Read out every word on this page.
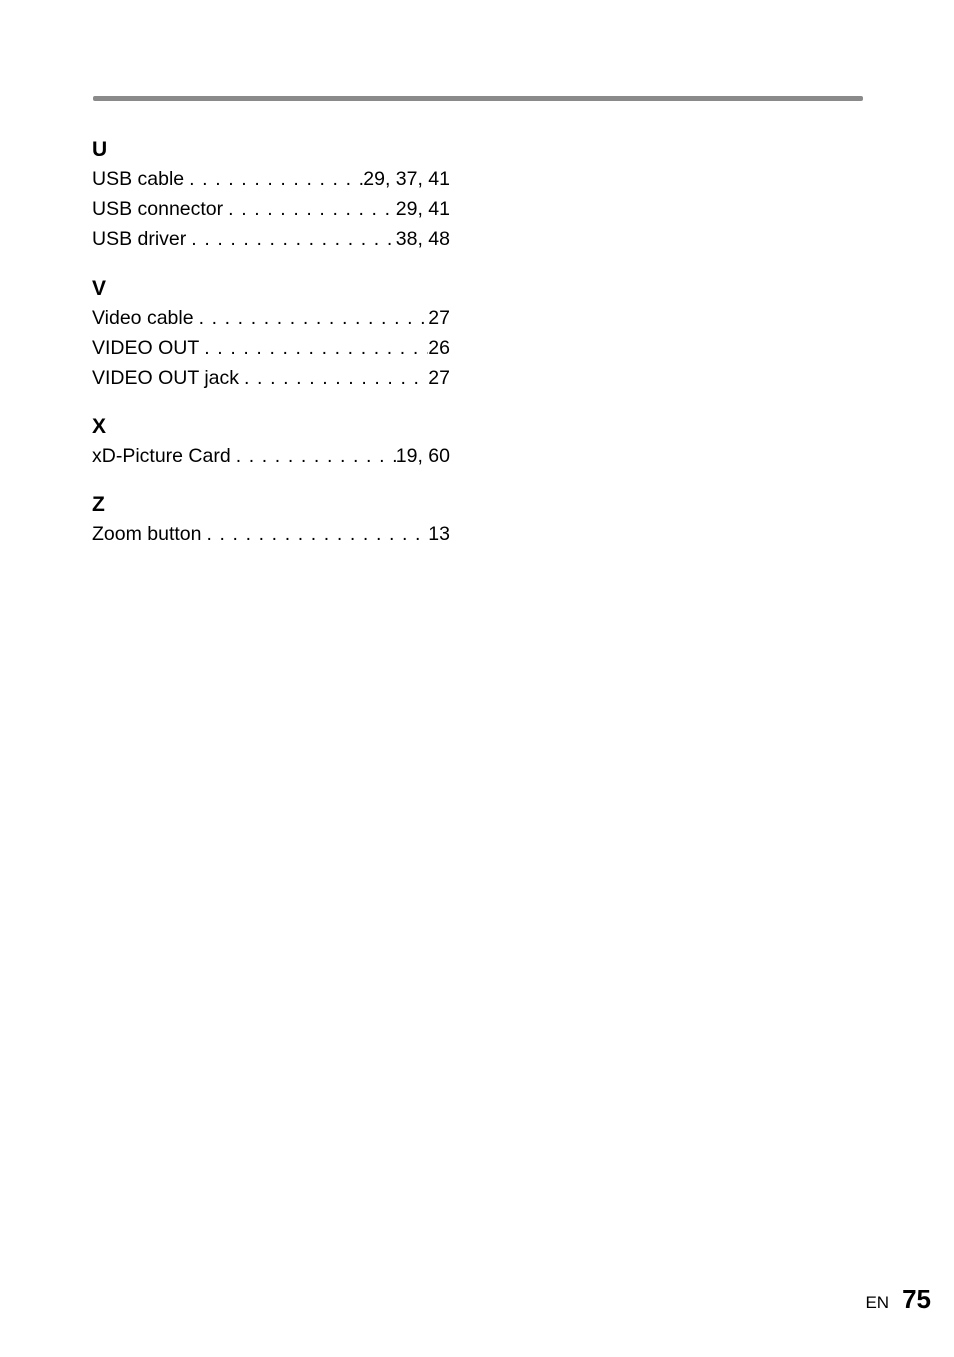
U
USB cable . . .	29, 37, 41
USB connector . . .	29, 41
USB driver . . .	38, 48
V
Video cable . . .	27
VIDEO OUT . . .	26
VIDEO OUT jack . . .	27
X
xD-Picture Card . . .	19, 60
Z
Zoom button . . .	13
EN 75
